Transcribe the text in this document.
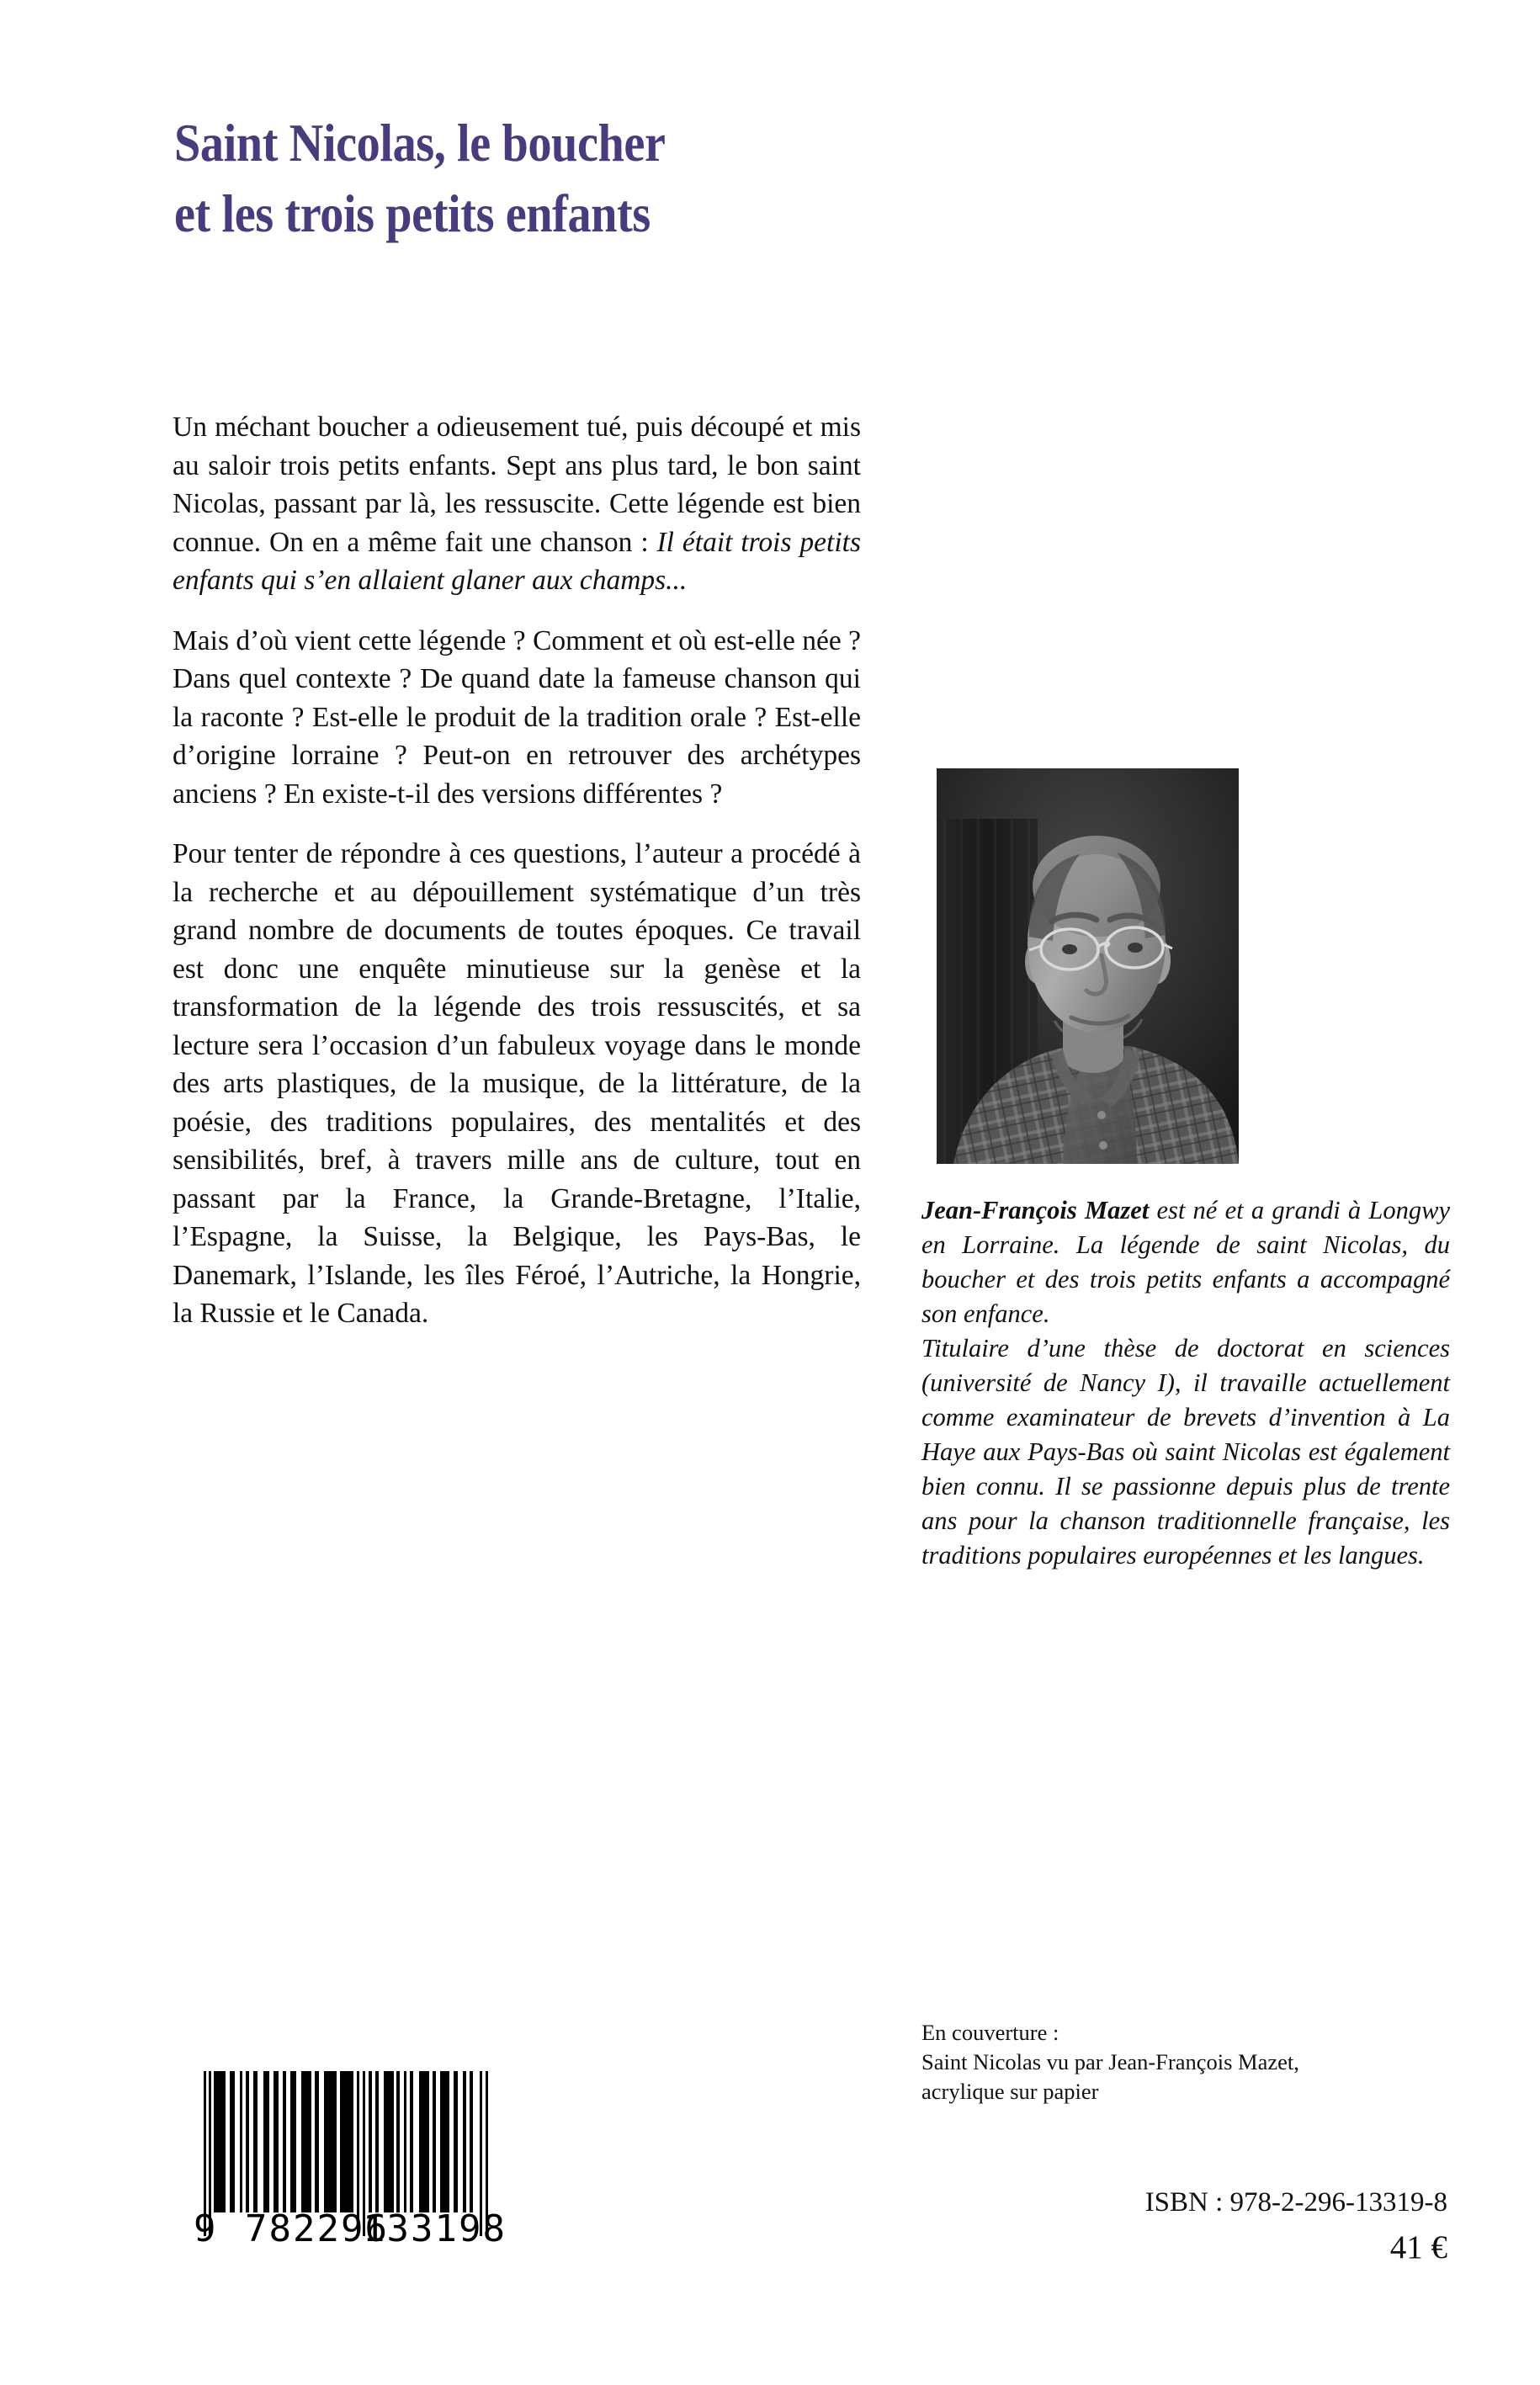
Saint Nicolas, le boucher
et les trois petits enfants

Un méchant boucher a odieusement tué, puis découpé et mis au saloir trois petits enfants. Sept ans plus tard, le bon saint Nicolas, passant par là, les ressuscite. Cette légende est bien connue. On en a même fait une chanson : Il était trois petits enfants qui s’en allaient glaner aux champs...

Mais d’où vient cette légende ? Comment et où est-elle née ? Dans quel contexte ? De quand date la fameuse chanson qui la raconte ? Est-elle le produit de la tradition orale ? Est-elle d’origine lorraine ? Peut-on en retrouver des archétypes anciens ? En existe-t-il des versions différentes ?

Pour tenter de répondre à ces questions, l’auteur a procédé à la recherche et au dépouillement systématique d’un très grand nombre de documents de toutes époques. Ce travail est donc une enquête minutieuse sur la genèse et la transformation de la légende des trois ressuscités, et sa lecture sera l’occasion d’un fabuleux voyage dans le monde des arts plastiques, de la musique, de la littérature, de la poésie, des traditions populaires, des mentalités et des sensibilités, bref, à travers mille ans de culture, tout en passant par la France, la Grande-Bretagne, l’Italie, l’Espagne, la Suisse, la Belgique, les Pays-Bas, le Danemark, l’Islande, les îles Féroé, l’Autriche, la Hongrie, la Russie et le Canada.

Jean-François Mazet est né et a grandi à Longwy en Lorraine. La légende de saint Nicolas, du boucher et des trois petits enfants a accompagné son enfance.

Titulaire d’une thèse de doctorat en sciences (université de Nancy I), il travaille actuellement comme examinateur de brevets d’invention à La Haye aux Pays-Bas où saint Nicolas est également bien connu. Il se passionne depuis plus de trente ans pour la chanson traditionnelle française, les traditions populaires européennes et les langues.

En couverture :
Saint Nicolas vu par Jean-François Mazet,
acrylique sur papier
ISBN : 978-2-296-13319-8
41 €
9 782296
133198
